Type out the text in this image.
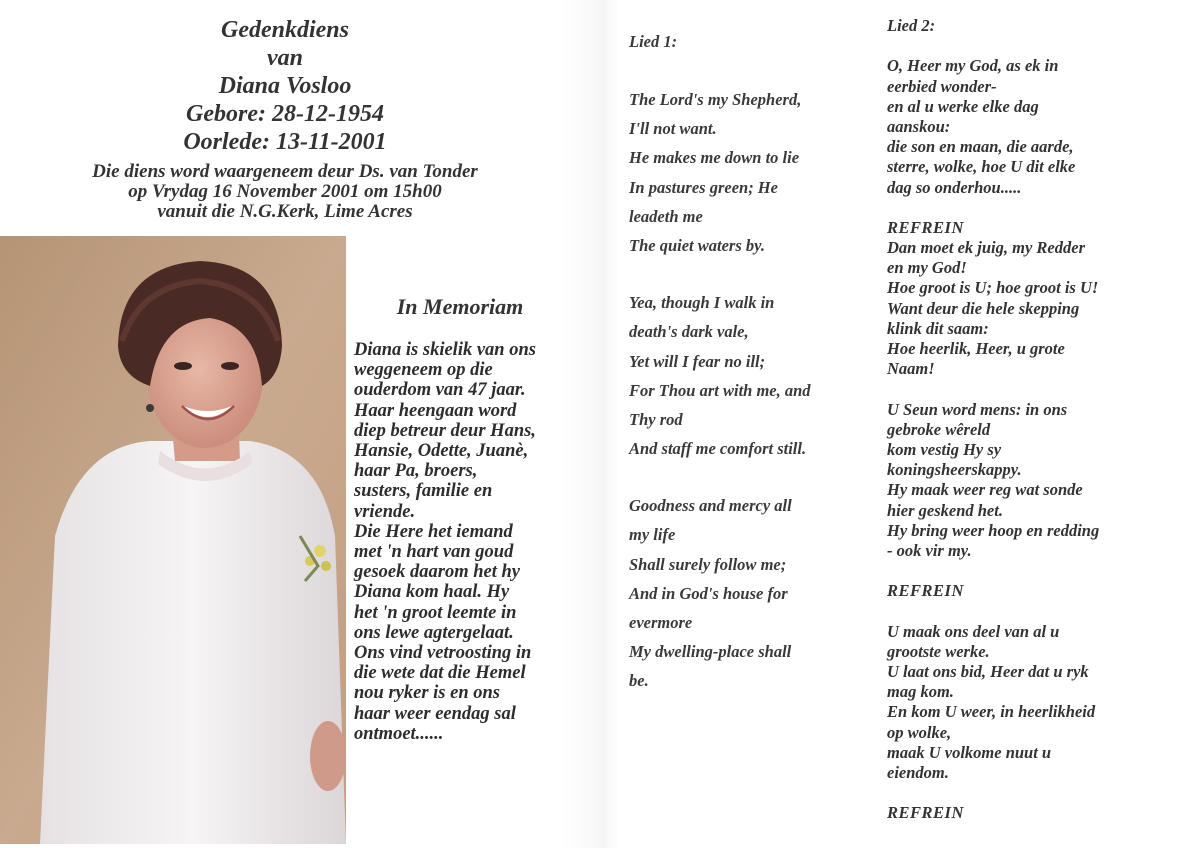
Gedenkdiens
van
Diana Vosloo
Gebore: 28-12-1954
Oorlede: 13-11-2001
Die diens word waargeneem deur Ds. van Tonder
op Vrydag 16 November 2001 om 15h00
vanuit die N.G.Kerk, Lime Acres
In Memoriam
Diana is skielik van ons
weggeneem op die
ouderdom van 47 jaar.
Haar heengaan word
diep betreur deur Hans,
Hansie, Odette, Juanè,
haar Pa, broers,
susters, familie en
vriende.
Die Here het iemand
met 'n hart van goud
gesoek daarom het hy
Diana kom haal. Hy
het 'n groot leemte in
ons lewe agtergelaat.
Ons vind vetroosting in
die wete dat die Hemel
nou ryker is en ons
haar weer eendag sal
ontmoet......
Lied 1:
The Lord's my Shepherd,
I'll not want.
He makes me down to lie
In pastures green; He
leadeth me
The quiet waters by.
Yea, though I walk in
death's dark vale,
Yet will I fear no ill;
For Thou art with me, and
Thy rod
And staff me comfort still.
Goodness and mercy all
my life
Shall surely follow me;
And in God's house for
evermore
My dwelling-place shall
be.
Lied 2:
O, Heer my God, as ek in
eerbied wonder-
en al u werke elke dag
aanskou:
die son en maan, die aarde,
sterre, wolke, hoe U dit elke
dag so onderhou.....
REFREIN
Dan moet ek juig, my Redder
en my God!
Hoe groot is U; hoe groot is U!
Want deur die hele skepping
klink dit saam:
Hoe heerlik, Heer, u grote
Naam!
U Seun word mens: in ons
gebroke wêreld
kom vestig Hy sy
koningsheerskappy.
Hy maak weer reg wat sonde
hier geskend het.
Hy bring weer hoop en redding
- ook vir my.
REFREIN
U maak ons deel van al u
grootste werke.
U laat ons bid, Heer dat u ryk
mag kom.
En kom U weer, in heerlikheid
op wolke,
maak U volkome nuut u
eiendom.
REFREIN
